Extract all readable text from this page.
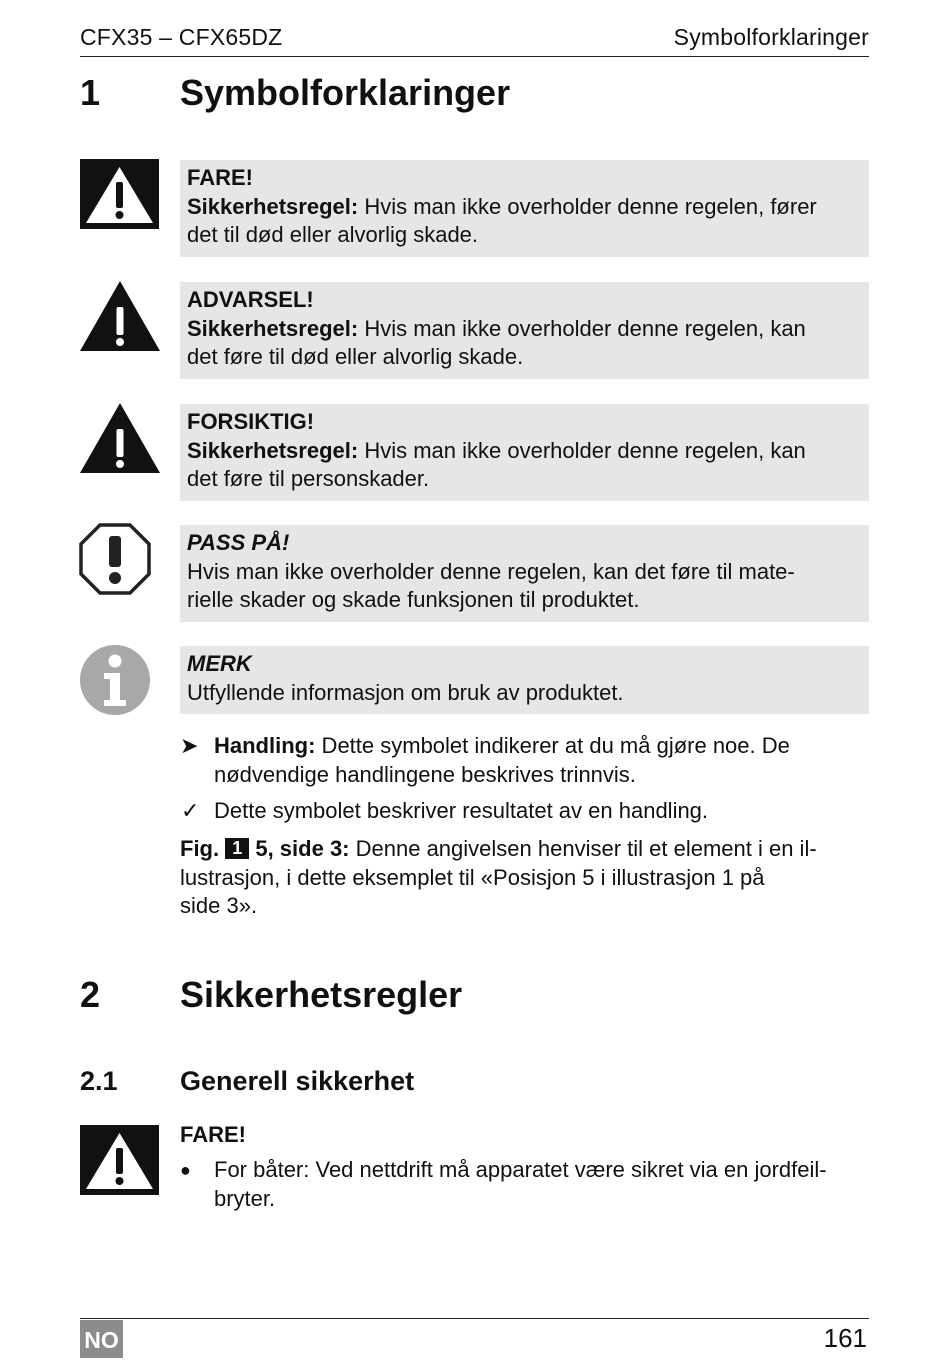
CFX35 – CFX65DZ	Symbolforklaringer
1 Symbolforklaringer
FARE!
Sikkerhetsregel: Hvis man ikke overholder denne regelen, fører
det til død eller alvorlig skade.
ADVARSEL!
Sikkerhetsregel: Hvis man ikke overholder denne regelen, kan
det føre til død eller alvorlig skade.
FORSIKTIG!
Sikkerhetsregel: Hvis man ikke overholder denne regelen, kan
det føre til personskader.
PASS PÅ!
Hvis man ikke overholder denne regelen, kan det føre til mate-
rielle skader og skade funksjonen til produktet.
MERK
Utfyllende informasjon om bruk av produktet.
➤ Handling: Dette symbolet indikerer at du må gjøre noe. De
nødvendige handlingene beskrives trinnvis.
✓ Dette symbolet beskriver resultatet av en handling.
Fig. 1 5, side 3: Denne angivelsen henviser til et element i en il-
lustrasjon, i dette eksemplet til «Posisjon 5 i illustrasjon 1 på
side 3».
2 Sikkerhetsregler
2.1 Generell sikkerhet
FARE!
● For båter: Ved nettdrift må apparatet være sikret via en jordfeil-
bryter.
NO	161
